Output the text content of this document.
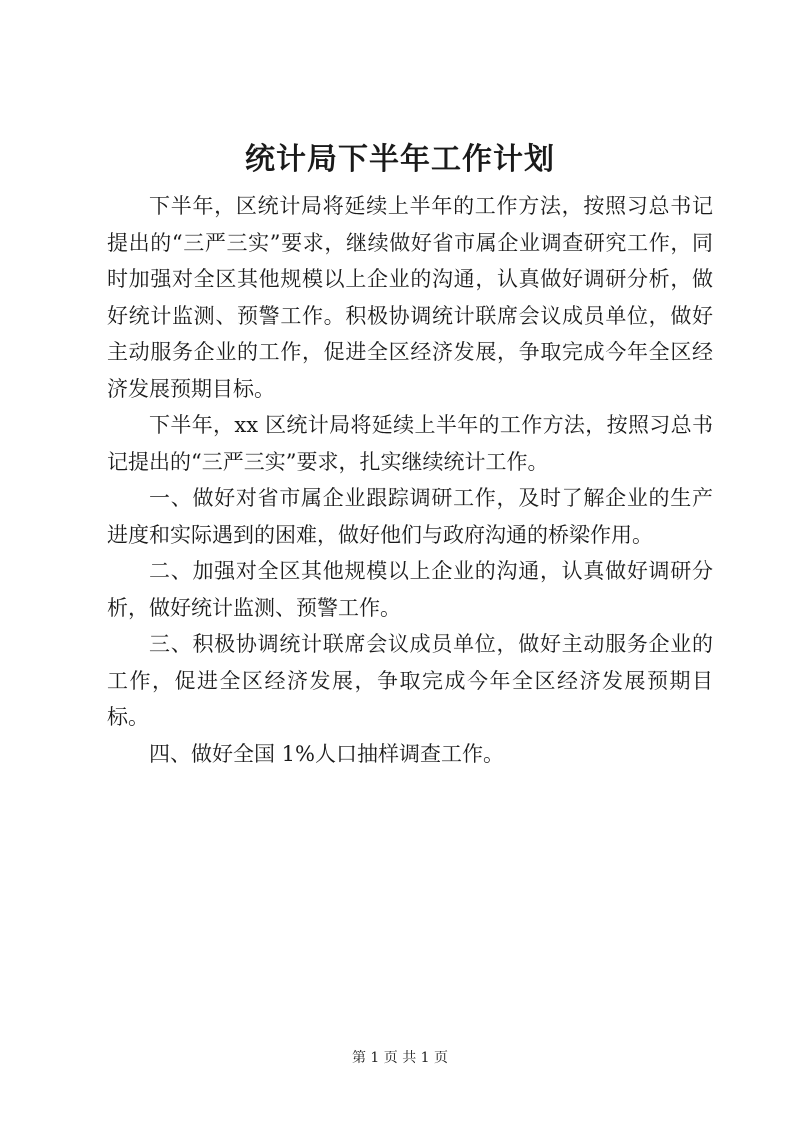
统计局下半年工作计划

下半年，区统计局将延续上半年的工作方法，按照习总书记提出的“三严三实”要求，继续做好省市属企业调查研究工作，同时加强对全区其他规模以上企业的沟通，认真做好调研分析，做好统计监测、预警工作。积极协调统计联席会议成员单位，做好主动服务企业的工作，促进全区经济发展，争取完成今年全区经济发展预期目标。

下半年，xx 区统计局将延续上半年的工作方法，按照习总书记提出的“三严三实”要求，扎实继续统计工作。

一、做好对省市属企业跟踪调研工作，及时了解企业的生产进度和实际遇到的困难，做好他们与政府沟通的桥梁作用。

二、加强对全区其他规模以上企业的沟通，认真做好调研分析，做好统计监测、预警工作。

三、积极协调统计联席会议成员单位，做好主动服务企业的工作，促进全区经济发展，争取完成今年全区经济发展预期目标。

四、做好全国 1%人口抽样调查工作。

第 1 页 共 1 页
